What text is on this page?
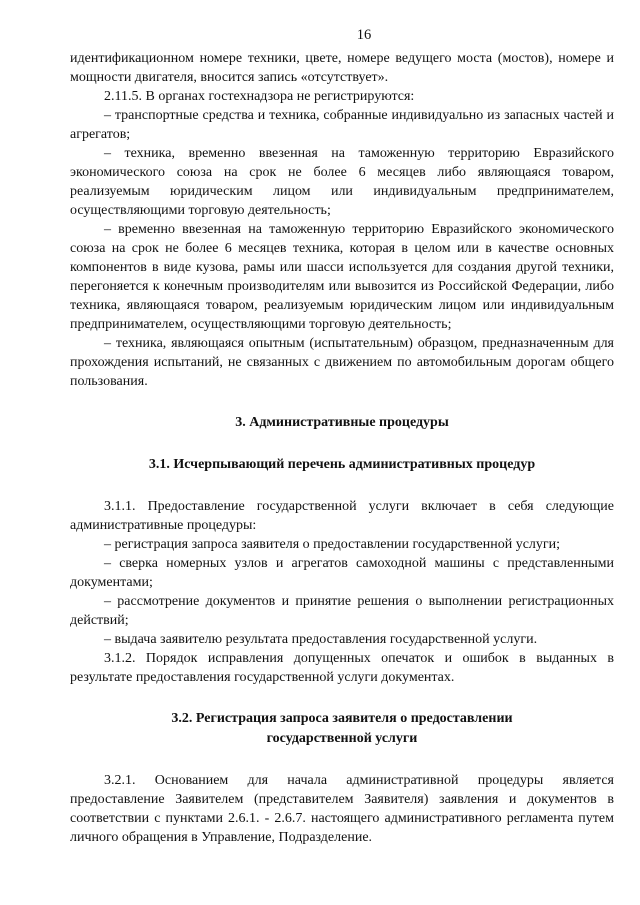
16

идентификационном номере техники, цвете, номере ведущего моста (мостов), номере и мощности двигателя, вносится запись «отсутствует».

2.11.5. В органах гостехнадзора не регистрируются:

– транспортные средства и техника, собранные индивидуально из запасных частей и агрегатов;

– техника, временно ввезенная на таможенную территорию Евразийского экономического союза на срок не более 6 месяцев либо являющаяся товаром, реализуемым юридическим лицом или индивидуальным предпринимателем, осуществляющими торговую деятельность;

– временно ввезенная на таможенную территорию Евразийского экономического союза на срок не более 6 месяцев техника, которая в целом или в качестве основных компонентов в виде кузова, рамы или шасси используется для создания другой техники, перегоняется к конечным производителям или вывозится из Российской Федерации, либо техника, являющаяся товаром, реализуемым юридическим лицом или индивидуальным предпринимателем, осуществляющими торговую деятельность;

– техника, являющаяся опытным (испытательным) образцом, предназначенным для прохождения испытаний, не связанных с движением по автомобильным дорогам общего пользования.

3. Административные процедуры
3.1. Исчерпывающий перечень административных процедур

3.1.1. Предоставление государственной услуги включает в себя следующие административные процедуры:

– регистрация запроса заявителя о предоставлении государственной услуги;

– сверка номерных узлов и агрегатов самоходной машины с представленными документами;

– рассмотрение документов и принятие решения о выполнении регистрационных действий;

– выдача заявителю результата предоставления государственной услуги.

3.1.2. Порядок исправления допущенных опечаток и ошибок в выданных в результате предоставления государственной услуги документах.

3.2. Регистрация запроса заявителя о предоставлении
государственной услуги

3.2.1. Основанием для начала административной процедуры является предоставление Заявителем (представителем Заявителя) заявления и документов в соответствии с пунктами 2.6.1. - 2.6.7. настоящего административного регламента путем личного обращения в Управление, Подразделение.
